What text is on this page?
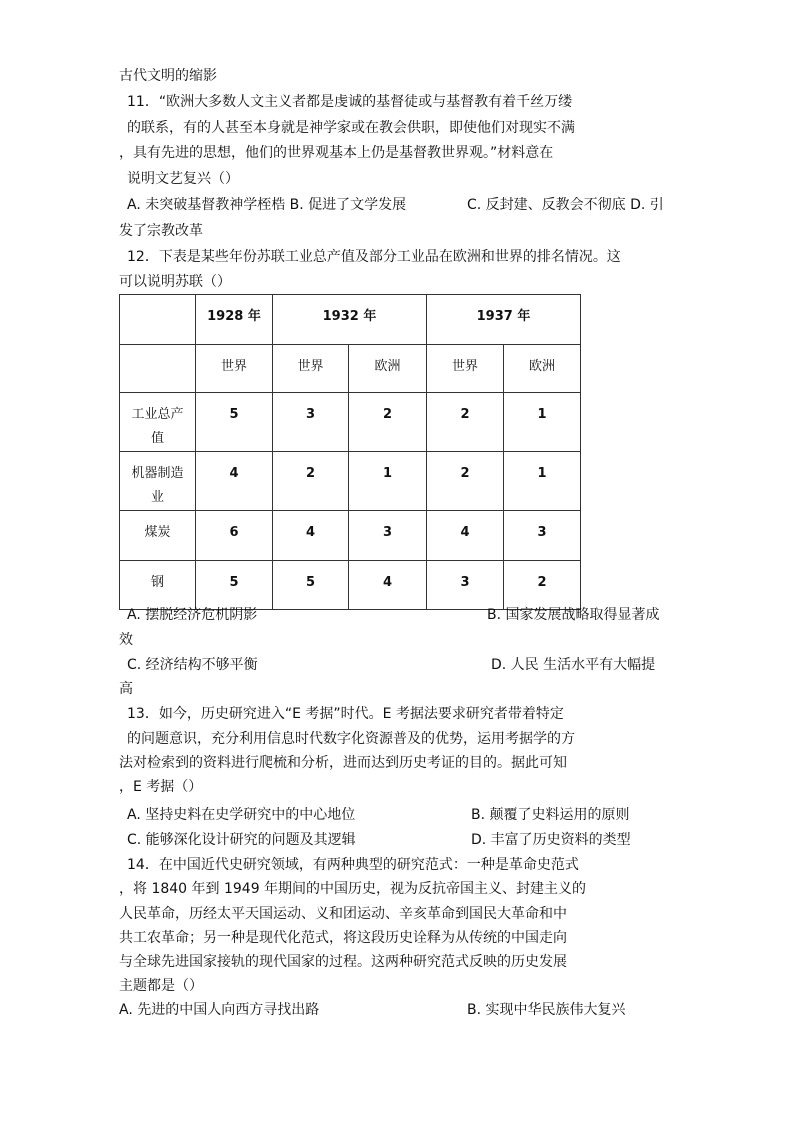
古代文明的缩影
11．“欧洲大多数人文主义者都是虔诚的基督徒或与基督教有着千丝万缕
的联系，有的人甚至本身就是神学家或在教会供职，即使他们对现实不满
，具有先进的思想，他们的世界观基本上仍是基督教世界观。”材料意在
说明文艺复兴（）
A. 未突破基督教神学桎梏 B. 促进了文学发展	C. 反封建、反教会不彻底 D. 引
发了宗教改革
12．下表是某些年份苏联工业总产值及部分工业品在欧洲和世界的排名情况。这
可以说明苏联（）
	1928 年	1932 年		1937 年	
	世界	世界	欧洲	世界	欧洲
工业总产
值	5	3	2	2	1
机器制造
业	4	2	1	2	1
煤炭	6	4	3	4	3
钢	5	5	4	3	2
A. 摆脱经济危机阴影	B. 国家发展战略取得显著成
效
C. 经济结构不够平衡	D. 人民 生活水平有大幅提
高
13．如今，历史研究进入“E 考据”时代。E 考据法要求研究者带着特定
的问题意识，充分利用信息时代数字化资源普及的优势，运用考据学的方
法对检索到的资料进行爬梳和分析，进而达到历史考证的目的。据此可知
，E 考据（）
A. 坚持史料在史学研究中的中心地位	B. 颠覆了史料运用的原则
C. 能够深化设计研究的问题及其逻辑	D. 丰富了历史资料的类型
14．在中国近代史研究领域，有两种典型的研究范式：一种是革命史范式
，将 1840 年到 1949 年期间的中国历史，视为反抗帝国主义、封建主义的
人民革命，历经太平天国运动、义和团运动、辛亥革命到国民大革命和中
共工农革命；另一种是现代化范式，将这段历史诠释为从传统的中国走向
与全球先进国家接轨的现代国家的过程。这两种研究范式反映的历史发展
主题都是（）
A. 先进的中国人向西方寻找出路	B. 实现中华民族伟大复兴
